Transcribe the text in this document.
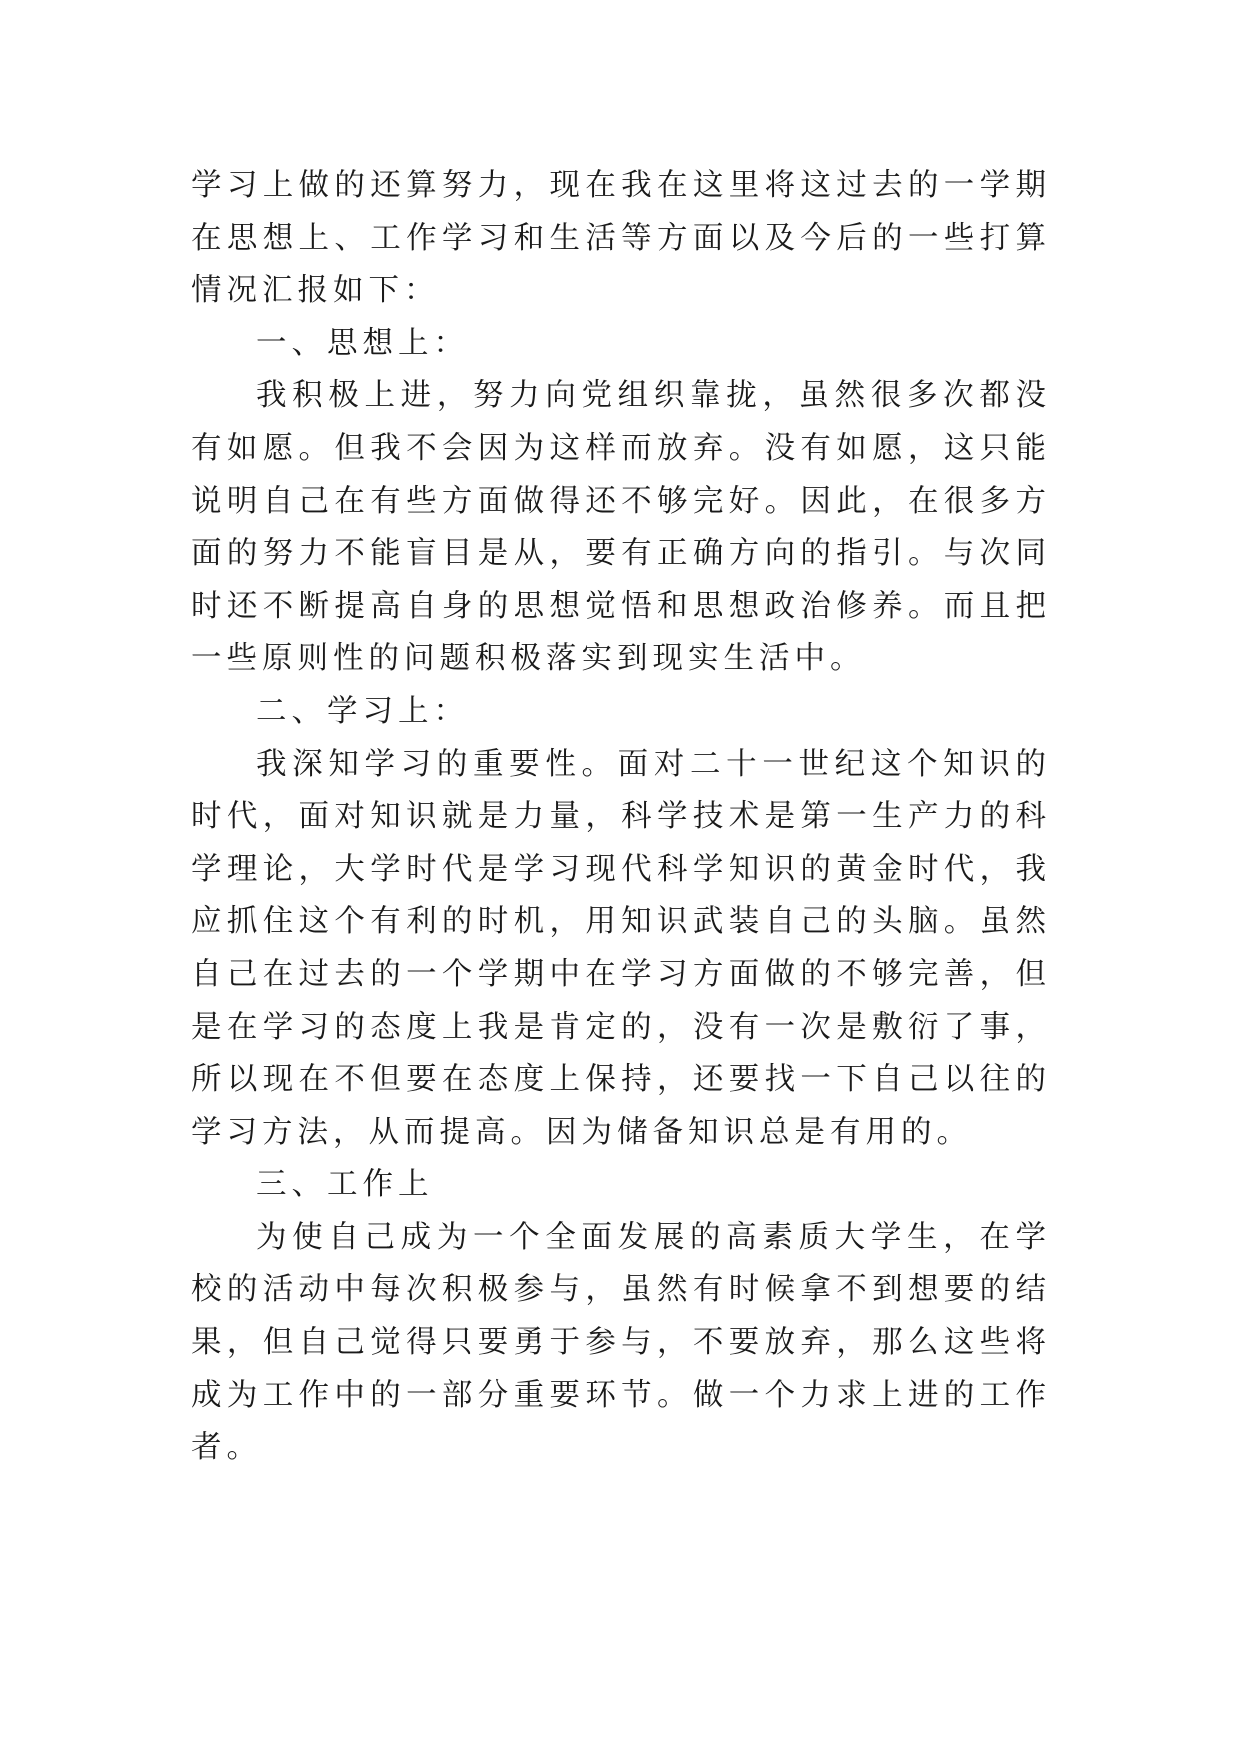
学习上做的还算努力，现在我在这里将这过去的一学期在思想上、工作学习和生活等方面以及今后的一些打算情况汇报如下：

一、思想上：

我积极上进，努力向党组织靠拢，虽然很多次都没有如愿。但我不会因为这样而放弃。没有如愿，这只能说明自己在有些方面做得还不够完好。因此，在很多方面的努力不能盲目是从，要有正确方向的指引。与次同时还不断提高自身的思想觉悟和思想政治修养。而且把一些原则性的问题积极落实到现实生活中。

二、学习上：

我深知学习的重要性。面对二十一世纪这个知识的时代，面对知识就是力量，科学技术是第一生产力的科学理论，大学时代是学习现代科学知识的黄金时代，我应抓住这个有利的时机，用知识武装自己的头脑。虽然自己在过去的一个学期中在学习方面做的不够完善，但是在学习的态度上我是肯定的，没有一次是敷衍了事，所以现在不但要在态度上保持，还要找一下自己以往的学习方法，从而提高。因为储备知识总是有用的。

三、工作上

为使自己成为一个全面发展的高素质大学生，在学校的活动中每次积极参与，虽然有时候拿不到想要的结果，但自己觉得只要勇于参与，不要放弃，那么这些将成为工作中的一部分重要环节。做一个力求上进的工作者。
